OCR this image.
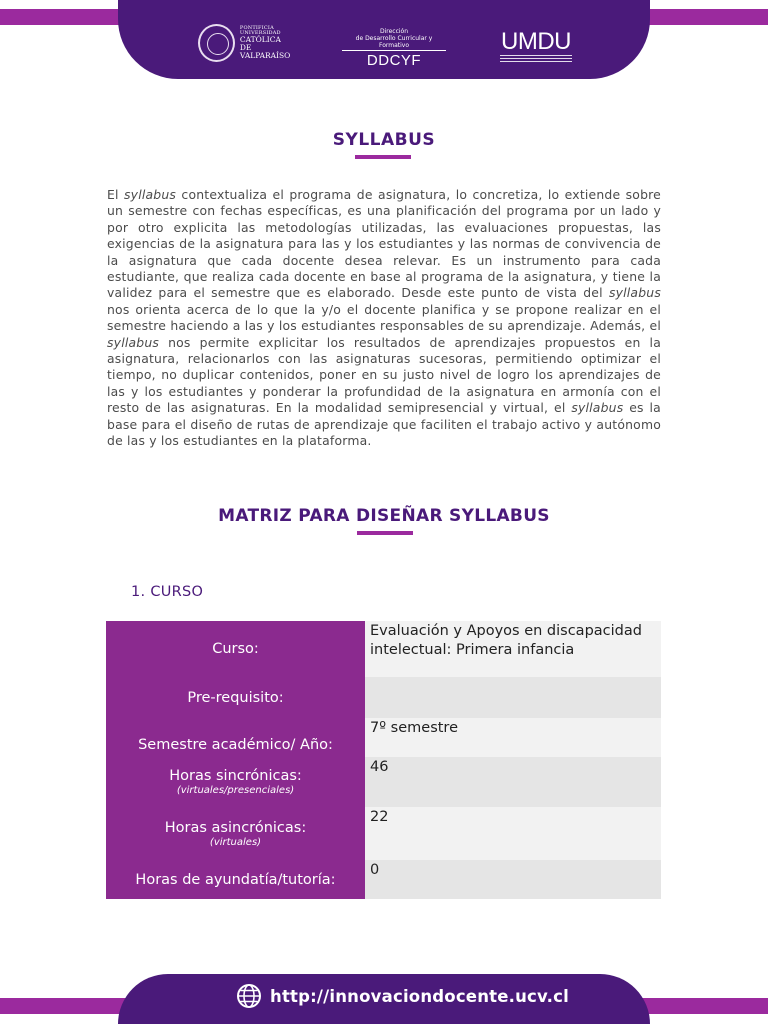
PONTIFICIA
UNIVERSIDAD
CATÓLICA DE
VALPARAÍSO
Dirección
de Desarrollo Curricular y Formativo
DDCYF
UMDU
SYLLABUS

El syllabus contextualiza el programa de asignatura, lo concretiza, lo extiende sobre un semestre con fechas específicas, es una planificación del programa por un lado y por otro explicita las metodologías utilizadas, las evaluaciones propuestas, las exigencias de la asignatura para las y los estudiantes y las normas de convivencia de la asignatura que cada docente desea relevar. Es un instrumento para cada estudiante, que realiza cada docente en base al programa de la asignatura, y tiene la validez para el semestre que es elaborado. Desde este punto de vista del syllabus nos orienta acerca de lo que la y/o el docente planifica y se propone realizar en el semestre haciendo a las y los estudiantes responsables de su aprendizaje. Además, el syllabus nos permite explicitar los resultados de aprendizajes propuestos en la asignatura, relacionarlos con las asignaturas sucesoras, permitiendo optimizar el tiempo, no duplicar contenidos, poner en su justo nivel de logro los aprendizajes de las y los estudiantes y ponderar la profundidad de la asignatura en armonía con el resto de las asignaturas. En la modalidad semipresencial y virtual, el syllabus es la base para el diseño de rutas de aprendizaje que faciliten el trabajo activo y autónomo de las y los estudiantes en la plataforma.

MATRIZ PARA DISEÑAR SYLLABUS
1. CURSO
Curso:
Evaluación y Apoyos en discapacidad intelectual: Primera infancia
Pre-requisito:
Semestre académico/ Año:
7º semestre
Horas sincrónicas:
(virtuales/presenciales)
46
Horas asincrónicas:
(virtuales)
22
Horas de ayundatía/tutoría:
0
http://innovaciondocente.ucv.cl
